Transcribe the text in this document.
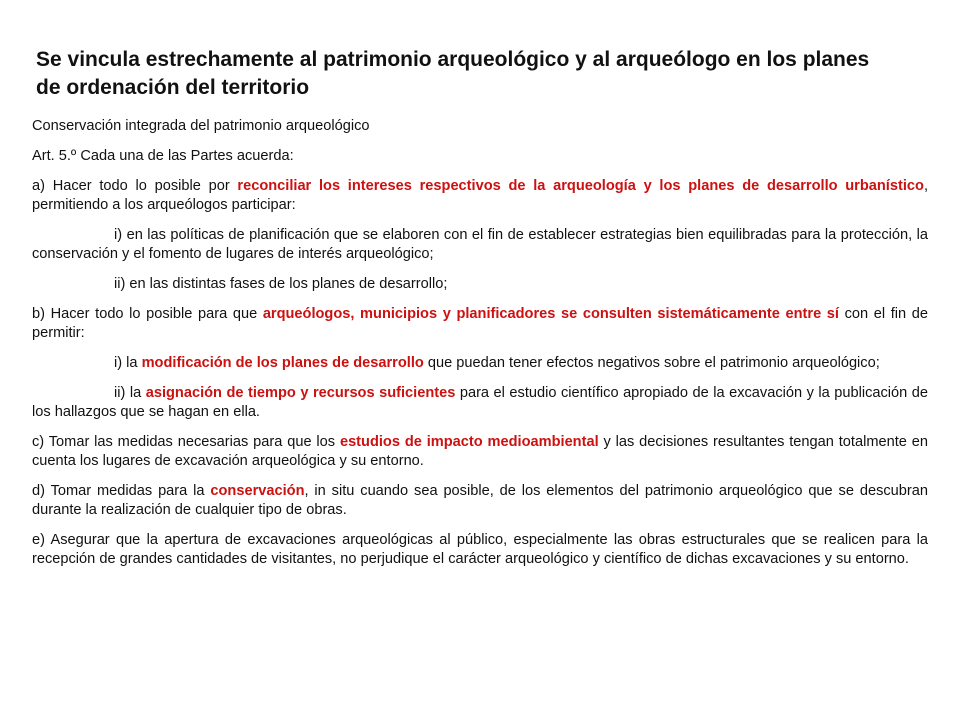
Se vincula estrechamente al patrimonio arqueológico y al arqueólogo en los planes de ordenación del territorio

Conservación integrada del patrimonio arqueológico

Art. 5.º Cada una de las Partes acuerda:

a) Hacer todo lo posible por reconciliar los intereses respectivos de la arqueología y los planes de desarrollo urbanístico, permitiendo a los arqueólogos participar:

i) en las políticas de planificación que se elaboren con el fin de establecer estrategias bien equilibradas para la protección, la conservación y el fomento de lugares de interés arqueológico;

ii) en las distintas fases de los planes de desarrollo;

b) Hacer todo lo posible para que arqueólogos, municipios y planificadores se consulten sistemáticamente entre sí con el fin de permitir:

i) la modificación de los planes de desarrollo que puedan tener efectos negativos sobre el patrimonio arqueológico;

ii) la asignación de tiempo y recursos suficientes para el estudio científico apropiado de la excavación y la publicación de los hallazgos que se hagan en ella.

c) Tomar las medidas necesarias para que los estudios de impacto medioambiental y las decisiones resultantes tengan totalmente en cuenta los lugares de excavación arqueológica y su entorno.

d) Tomar medidas para la conservación, in situ cuando sea posible, de los elementos del patrimonio arqueológico que se descubran durante la realización de cualquier tipo de obras.

e) Asegurar que la apertura de excavaciones arqueológicas al público, especialmente las obras estructurales que se realicen para la recepción de grandes cantidades de visitantes, no perjudique el carácter arqueológico y científico de dichas excavaciones y su entorno.
